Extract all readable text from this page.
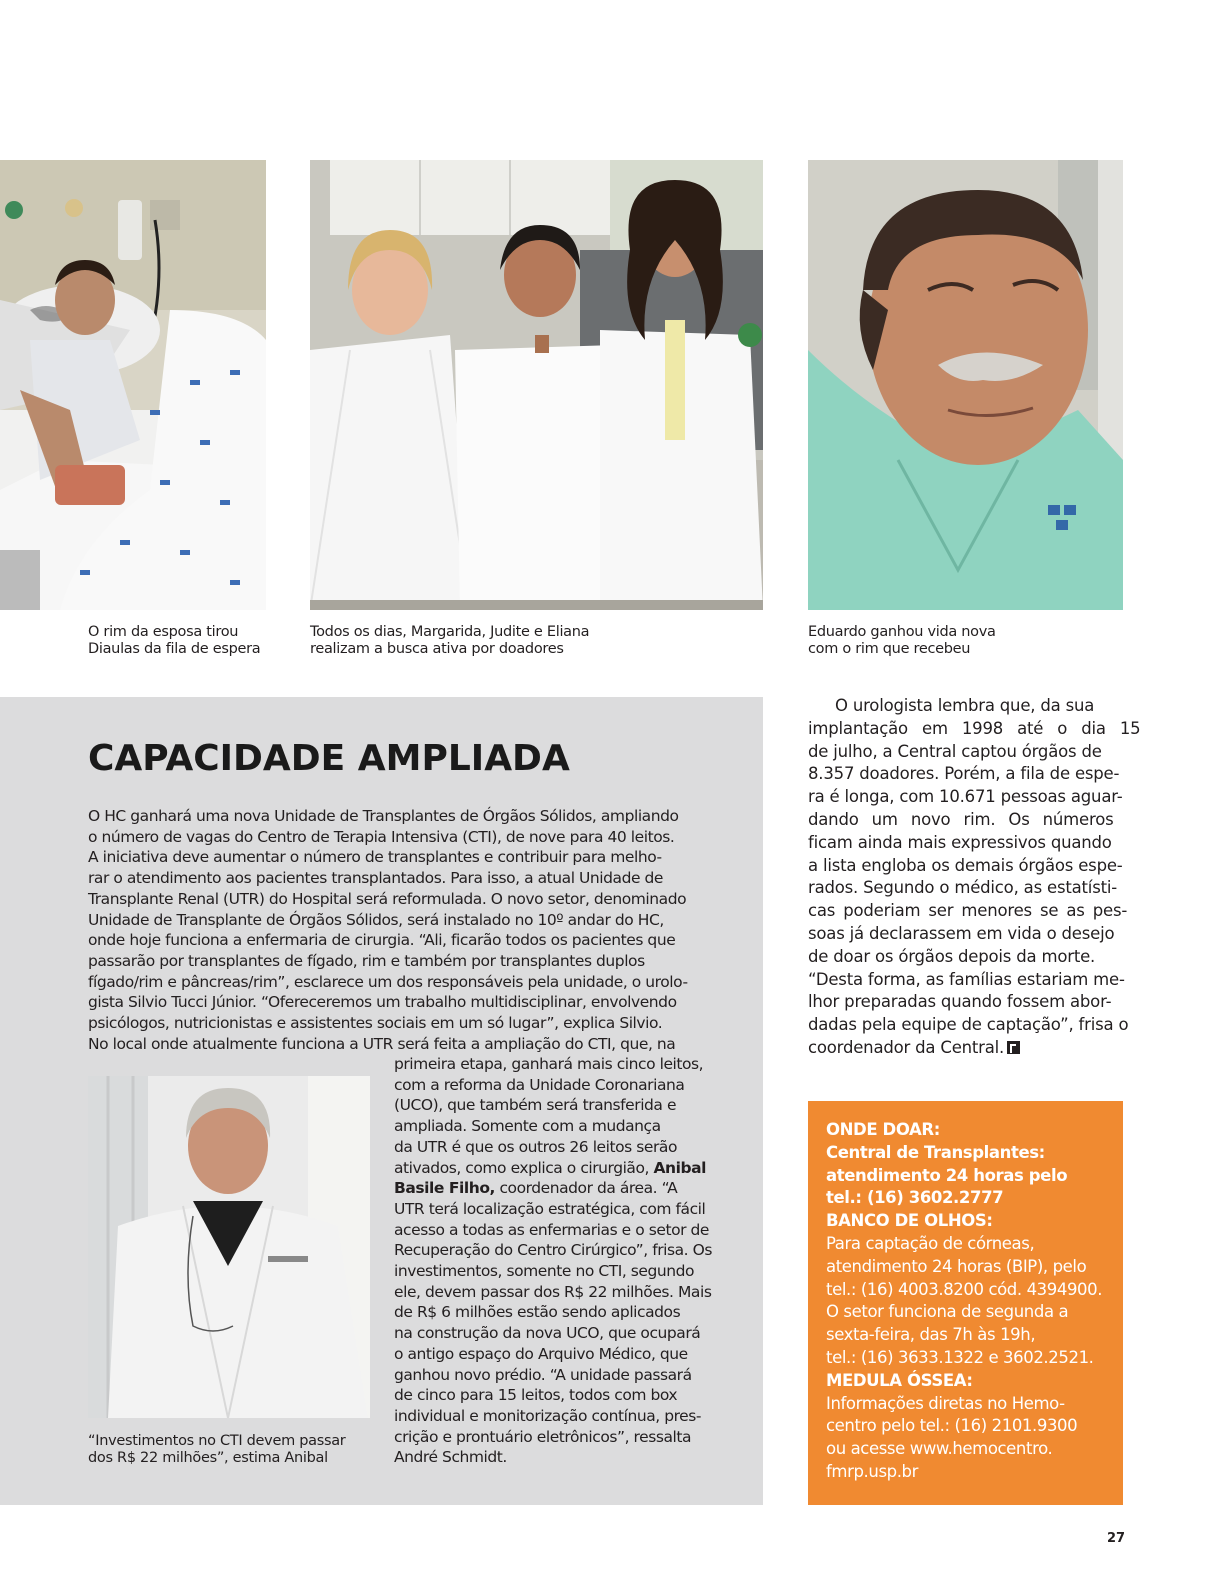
O rim da esposa tirou
Diaulas da fila de espera
Todos os dias, Margarida, Judite e Eliana
realizam a busca ativa por doadores
Eduardo ganhou vida nova
com o rim que recebeu
CAPACIDADE AMPLIADA
O HC ganhará uma nova Unidade de Transplantes de Órgãos Sólidos, ampliando
o número de vagas do Centro de Terapia Intensiva (CTI), de nove para 40 leitos.
A iniciativa deve aumentar o número de transplantes e contribuir para melho-
rar o atendimento aos pacientes transplantados. Para isso, a atual Unidade de
Transplante Renal (UTR) do Hospital será reformulada. O novo setor, denominado
Unidade de Transplante de Órgãos Sólidos, será instalado no 10º andar do HC,
onde hoje funciona a enfermaria de cirurgia. “Ali, ficarão todos os pacientes que
passarão por transplantes de fígado, rim e também por transplantes duplos
fígado/rim e pâncreas/rim”, esclarece um dos responsáveis pela unidade, o urolo-
gista Silvio Tucci Júnior. “Ofereceremos um trabalho multidisciplinar, envolvendo
psicólogos, nutricionistas e assistentes sociais em um só lugar”, explica Silvio.
No local onde atualmente funciona a UTR será feita a ampliação do CTI, que, na
primeira etapa, ganhará mais cinco leitos,
com a reforma da Unidade Coronariana
(UCO), que também será transferida e
ampliada. Somente com a mudança
da UTR é que os outros 26 leitos serão
ativados, como explica o cirurgião, Anibal
Basile Filho, coordenador da área. “A
UTR terá localização estratégica, com fácil
acesso a todas as enfermarias e o setor de
Recuperação do Centro Cirúrgico”, frisa. Os
investimentos, somente no CTI, segundo
ele, devem passar dos R$ 22 milhões. Mais
de R$ 6 milhões estão sendo aplicados
na construção da nova UCO, que ocupará
o antigo espaço do Arquivo Médico, que
ganhou novo prédio. “A unidade passará
de cinco para 15 leitos, todos com box
individual e monitorização contínua, pres-
crição e prontuário eletrônicos”, ressalta
André Schmidt.
“Investimentos no CTI devem passar
dos R$ 22 milhões”, estima Anibal
O urologista lembra que, da sua
implantação em 1998 até o dia 15
de julho, a Central captou órgãos de
8.357 doadores. Porém, a fila de espe-
ra é longa, com 10.671 pessoas aguar-
dando um novo rim. Os números
ficam ainda mais expressivos quando
a lista engloba os demais órgãos espe-
rados. Segundo o médico, as estatísti-
cas poderiam ser menores se as pes-
soas já declarassem em vida o desejo
de doar os órgãos depois da morte.
“Desta forma, as famílias estariam me-
lhor preparadas quando fossem abor-
dadas pela equipe de captação”, frisa o
coordenador da Central.
ONDE DOAR:
Central de Transplantes:
atendimento 24 horas pelo
tel.: (16) 3602.2777
BANCO DE OLHOS:
Para captação de córneas,
atendimento 24 horas (BIP), pelo
tel.: (16) 4003.8200 cód. 4394900.
O setor funciona de segunda a
sexta-feira, das 7h às 19h,
tel.: (16) 3633.1322 e 3602.2521.
MEDULA ÓSSEA:
Informações diretas no Hemo-
centro pelo tel.: (16) 2101.9300
ou acesse www.hemocentro.
fmrp.usp.br
27
